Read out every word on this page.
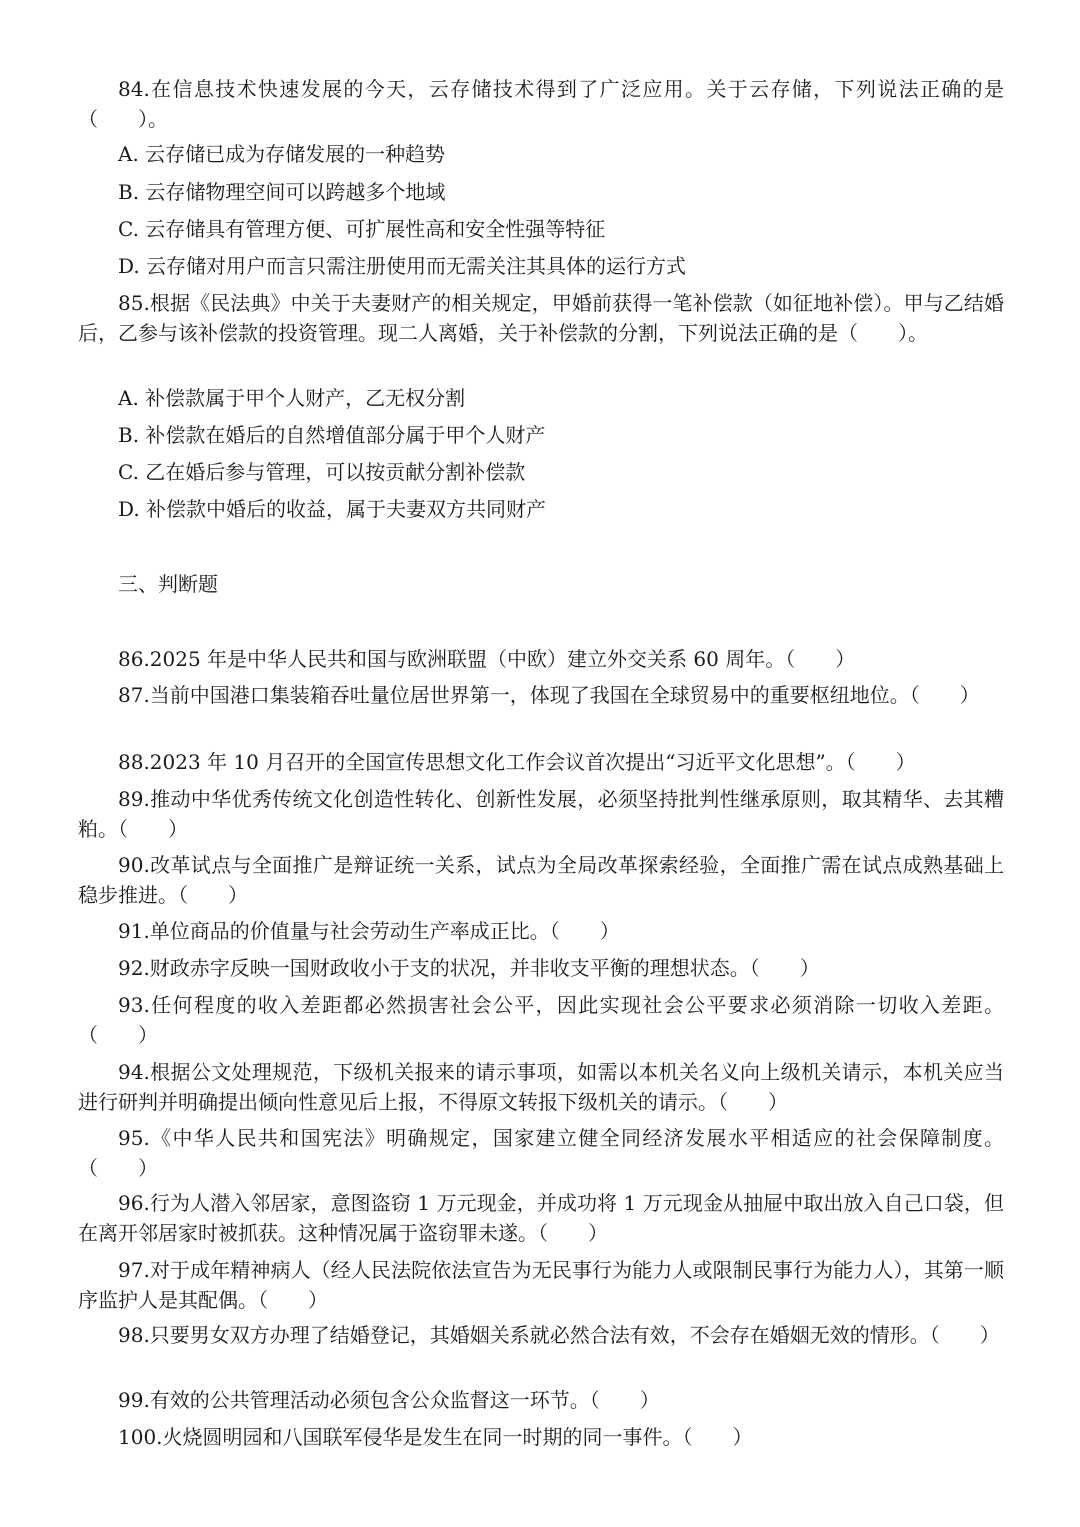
84.在信息技术快速发展的今天，云存储技术得到了广泛应用。关于云存储，下列说法正确的是（　　）。

A. 云存储已成为存储发展的一种趋势

B. 云存储物理空间可以跨越多个地域

C. 云存储具有管理方便、可扩展性高和安全性强等特征

D. 云存储对用户而言只需注册使用而无需关注其具体的运行方式

85.根据《民法典》中关于夫妻财产的相关规定，甲婚前获得一笔补偿款（如征地补偿）。甲与乙结婚后，乙参与该补偿款的投资管理。现二人离婚，关于补偿款的分割，下列说法正确的是（　　）。

A. 补偿款属于甲个人财产，乙无权分割

B. 补偿款在婚后的自然增值部分属于甲个人财产

C. 乙在婚后参与管理，可以按贡献分割补偿款

D. 补偿款中婚后的收益，属于夫妻双方共同财产

三、判断题

86.2025 年是中华人民共和国与欧洲联盟（中欧）建立外交关系 60 周年。（　　）

87.当前中国港口集装箱吞吐量位居世界第一，体现了我国在全球贸易中的重要枢纽地位。（　　）

88.2023 年 10 月召开的全国宣传思想文化工作会议首次提出“习近平文化思想”。（　　）

89.推动中华优秀传统文化创造性转化、创新性发展，必须坚持批判性继承原则，取其精华、去其糟粕。（　　）

90.改革试点与全面推广是辩证统一关系，试点为全局改革探索经验，全面推广需在试点成熟基础上稳步推进。（　　）

91.单位商品的价值量与社会劳动生产率成正比。（　　）

92.财政赤字反映一国财政收小于支的状况，并非收支平衡的理想状态。（　　）

93.任何程度的收入差距都必然损害社会公平，因此实现社会公平要求必须消除一切收入差距。（　　）

94.根据公文处理规范，下级机关报来的请示事项，如需以本机关名义向上级机关请示，本机关应当进行研判并明确提出倾向性意见后上报，不得原文转报下级机关的请示。（　　）

95.《中华人民共和国宪法》明确规定，国家建立健全同经济发展水平相适应的社会保障制度。（　　）

96.行为人潜入邻居家，意图盗窃 1 万元现金，并成功将 1 万元现金从抽屉中取出放入自己口袋，但在离开邻居家时被抓获。这种情况属于盗窃罪未遂。（　　）

97.对于成年精神病人（经人民法院依法宣告为无民事行为能力人或限制民事行为能力人），其第一顺序监护人是其配偶。（　　）

98.只要男女双方办理了结婚登记，其婚姻关系就必然合法有效，不会存在婚姻无效的情形。（　　）

99.有效的公共管理活动必须包含公众监督这一环节。（　　）

100.火烧圆明园和八国联军侵华是发生在同一时期的同一事件。（　　）
